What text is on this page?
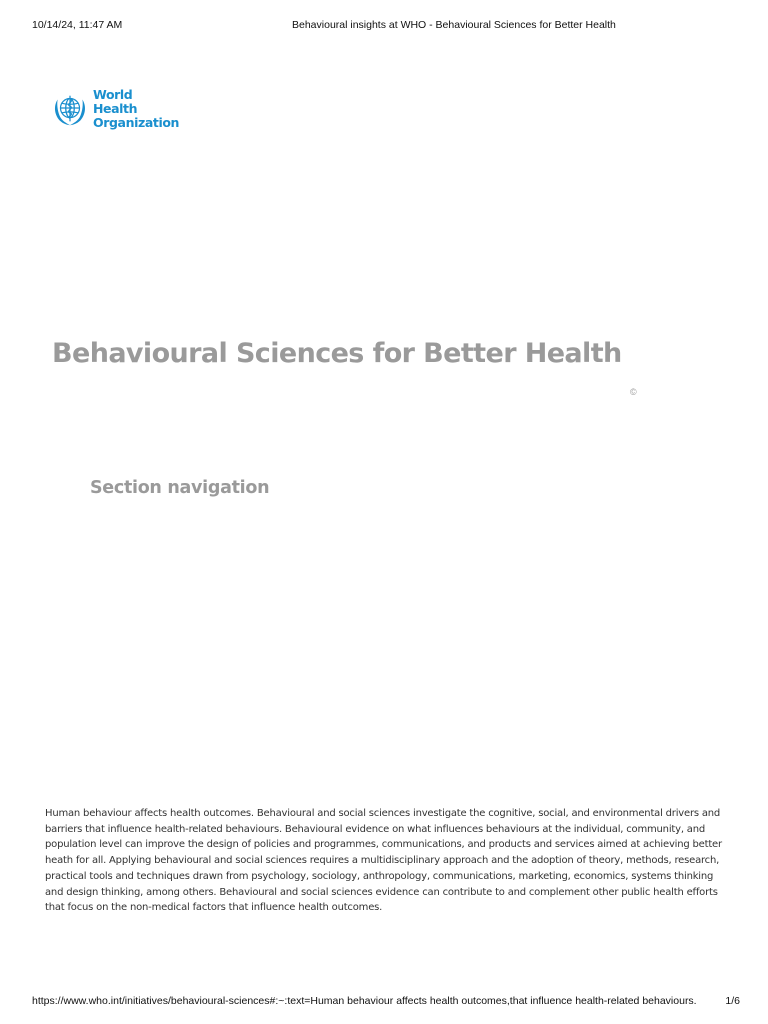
10/14/24, 11:47 AM	Behavioural insights at WHO - Behavioural Sciences for Better Health
World Health
Organization
Behavioural Sciences for Better Health
©
Section navigation

Human behaviour affects health outcomes. Behavioural and social sciences investigate the cognitive, social, and environmental drivers and barriers that influence health-related behaviours. Behavioural evidence on what influences behaviours at the individual, community, and population level can improve the design of policies and programmes, communications, and products and services aimed at achieving better heath for all. Applying behavioural and social sciences requires a multidisciplinary approach and the adoption of theory, methods, research, practical tools and techniques drawn from psychology, sociology, anthropology, communications, marketing, economics, systems thinking and design thinking, among others. Behavioural and social sciences evidence can contribute to and complement other public health efforts that focus on the non-medical factors that influence health outcomes.

https://www.who.int/initiatives/behavioural-sciences#:~:text=Human behaviour affects health outcomes,that influence health-related behaviours.	1/6
